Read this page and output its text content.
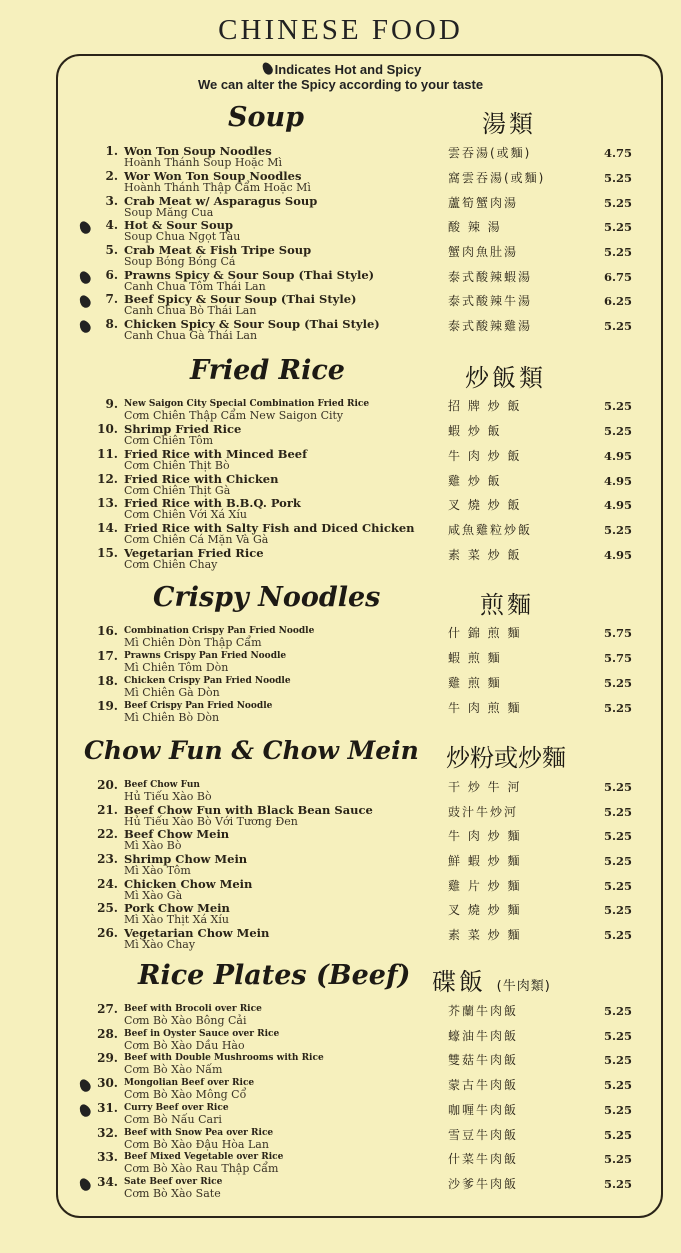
CHINESE FOOD
Indicates Hot and Spicy
We can alter the Spicy according to your taste
Soup	湯類
Fried Rice	炒飯類
Crispy Noodles	煎麵
Chow Fun & Chow Mein 炒粉或炒麵
Rice Plates (Beef) 碟飯 (牛肉類)
1. Won Ton Soup Noodles
Hoành Thánh Soup Hoặc Mì
雲吞湯(或麵)	4.75
2. Wor Won Ton Soup Noodles
Hoành Thánh Thập Cẩm Hoặc Mì
窩雲吞湯(或麵)	5.25
3. Crab Meat w/ Asparagus Soup
Soup Măng Cua
蘆筍蟹肉湯	5.25
4. Hot & Sour Soup
Soup Chua Ngọt Tàu
酸 辣 湯	5.25
5. Crab Meat & Fish Tripe Soup
Soup Bóng Bóng Cá
蟹肉魚肚湯	5.25
6. Prawns Spicy & Sour Soup (Thai Style)
Canh Chua Tôm Thái Lan
泰式酸辣蝦湯	6.75
7. Beef Spicy & Sour Soup (Thai Style)
Canh Chua Bò Thái Lan
泰式酸辣牛湯	6.25
8. Chicken Spicy & Sour Soup (Thai Style)
Canh Chua Gà Thái Lan
泰式酸辣雞湯	5.25
9. New Saigon City Special Combination Fried Rice
Cơm Chiên Thập Cẩm New Saigon City
招 牌 炒 飯	5.25
10. Shrimp Fried Rice
Cơm Chiên Tôm
蝦 炒 飯	5.25
11. Fried Rice with Minced Beef
Cơm Chiên Thịt Bò
牛 肉 炒 飯	4.95
12. Fried Rice with Chicken
Cơm Chiên Thịt Gà
雞 炒 飯	4.95
13. Fried Rice with B.B.Q. Pork
Cơm Chiên Với Xá Xíu
叉 燒 炒 飯	4.95
14. Fried Rice with Salty Fish and Diced Chicken
Cơm Chiên Cá Mặn Và Gà
咸魚雞粒炒飯	5.25
15. Vegetarian Fried Rice
Cơm Chiên Chay
素 菜 炒 飯	4.95
16. Combination Crispy Pan Fried Noodle
Mì Chiên Dòn Thập Cẩm
什 錦 煎 麵	5.75
17. Prawns Crispy Pan Fried Noodle
Mì Chiên Tôm Dòn
蝦 煎 麵	5.75
18. Chicken Crispy Pan Fried Noodle
Mì Chiên Gà Dòn
雞 煎 麵	5.25
19. Beef Crispy Pan Fried Noodle
Mì Chiên Bò Dòn
牛 肉 煎 麵	5.25
20. Beef Chow Fun
Hủ Tiếu Xào Bò
干 炒 牛 河	5.25
21. Beef Chow Fun with Black Bean Sauce
Hủ Tiếu Xào Bò Với Tương Đen
豉汁牛炒河	5.25
22. Beef Chow Mein
Mì Xào Bò
牛 肉 炒 麵	5.25
23. Shrimp Chow Mein
Mì Xào Tôm
鮮 蝦 炒 麵	5.25
24. Chicken Chow Mein
Mì Xào Gà
雞 片 炒 麵	5.25
25. Pork Chow Mein
Mì Xào Thịt Xá Xíu
叉 燒 炒 麵	5.25
26. Vegetarian Chow Mein
Mì Xào Chay
素 菜 炒 麵	5.25
27. Beef with Brocoli over Rice
Cơm Bò Xào Bông Cải
芥蘭牛肉飯	5.25
28. Beef in Oyster Sauce over Rice
Cơm Bò Xào Dầu Hào
蠔油牛肉飯	5.25
29. Beef with Double Mushrooms with Rice
Cơm Bò Xào Nấm
雙菇牛肉飯	5.25
30. Mongolian Beef over Rice
Cơm Bò Xào Mông Cổ
蒙古牛肉飯	5.25
31. Curry Beef over Rice
Cơm Bò Nấu Cari
咖喱牛肉飯	5.25
32. Beef with Snow Pea over Rice
Cơm Bò Xào Đậu Hòa Lan
雪豆牛肉飯	5.25
33. Beef Mixed Vegetable over Rice
Cơm Bò Xào Rau Thập Cẩm
什菜牛肉飯	5.25
34. Sate Beef over Rice
Cơm Bò Xào Sate
沙爹牛肉飯	5.25
